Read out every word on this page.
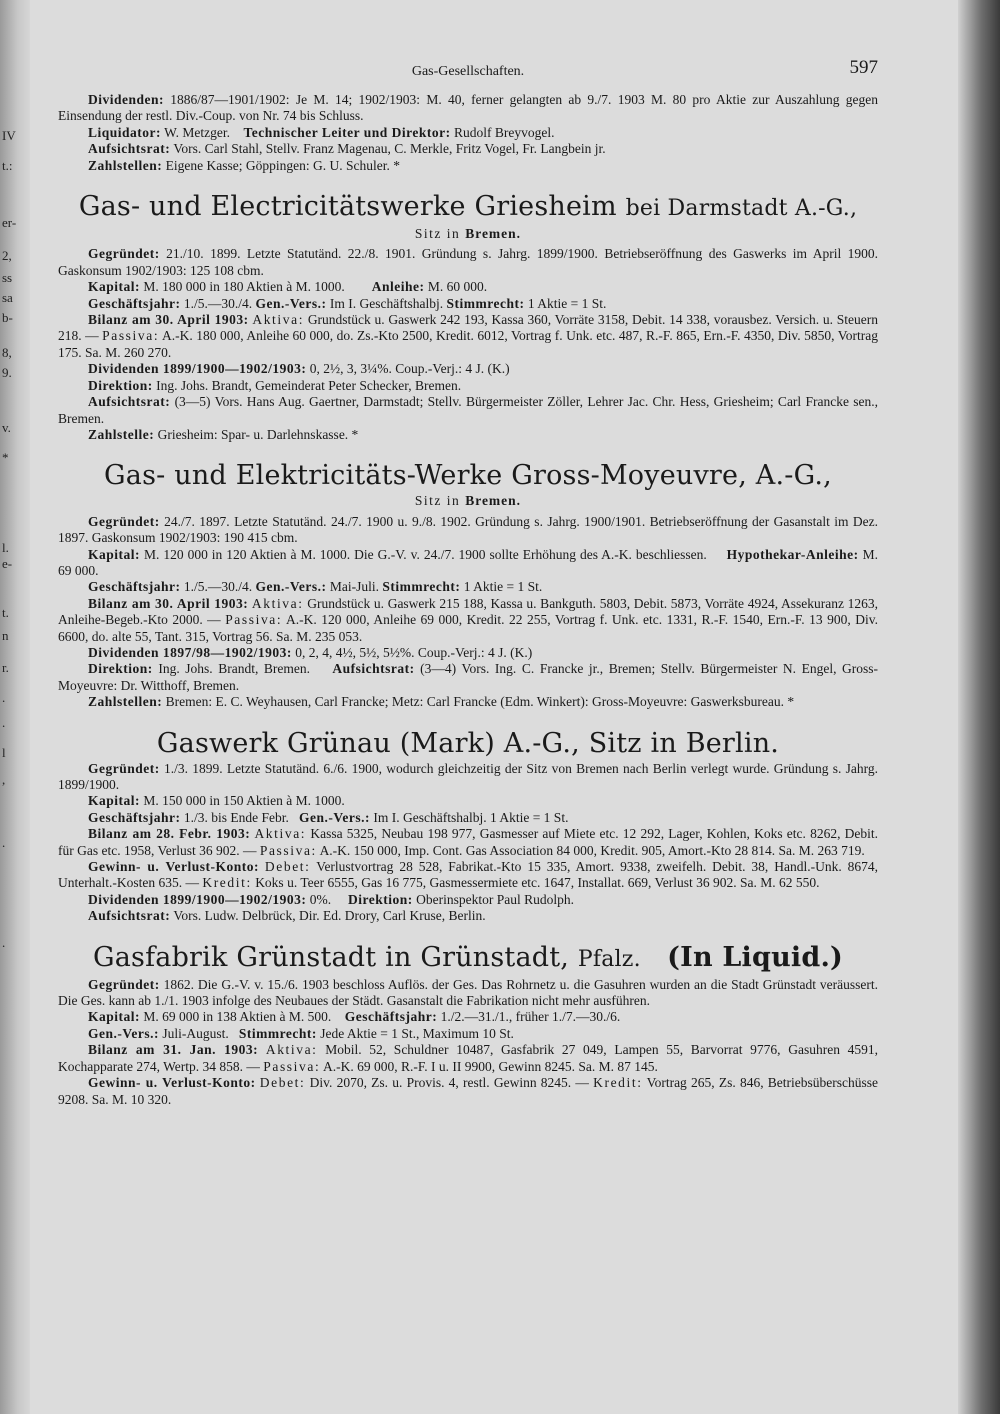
IV
t.:
er-
2,
ss
sa
b-
8,
9.
v.
*
l.
e-
t.
n
r.
.
.
l
,
.
.
Gas-Gesellschaften.	597

Dividenden: 1886/87—1901/1902: Je M. 14; 1902/1903: M. 40, ferner gelangten ab 9./7. 1903 M. 80 pro Aktie zur Auszahlung gegen Einsendung der restl. Div.-Coup. von Nr. 74 bis Schluss.

Liquidator: W. Metzger. Technischer Leiter und Direktor: Rudolf Breyvogel.

Aufsichtsrat: Vors. Carl Stahl, Stellv. Franz Magenau, C. Merkle, Fritz Vogel, Fr. Langbein jr.

Zahlstellen: Eigene Kasse; Göppingen: G. U. Schuler. *

Gas- und Electricitätswerke Griesheim bei Darmstadt A.-G.,
Sitz in Bremen.

Gegründet: 21./10. 1899. Letzte Statutänd. 22./8. 1901. Gründung s. Jahrg. 1899/1900. Betriebseröffnung des Gaswerks im April 1900. Gaskonsum 1902/1903: 125 108 cbm.

Kapital: M. 180 000 in 180 Aktien à M. 1000. Anleihe: M. 60 000.

Geschäftsjahr: 1./5.—30./4. Gen.-Vers.: Im I. Geschäftshalbj. Stimmrecht: 1 Aktie = 1 St.

Bilanz am 30. April 1903: Aktiva: Grundstück u. Gaswerk 242 193, Kassa 360, Vorräte 3158, Debit. 14 338, vorausbez. Versich. u. Steuern 218. — Passiva: A.-K. 180 000, Anleihe 60 000, do. Zs.-Kto 2500, Kredit. 6012, Vortrag f. Unk. etc. 487, R.-F. 865, Ern.-F. 4350, Div. 5850, Vortrag 175. Sa. M. 260 270.

Dividenden 1899/1900—1902/1903: 0, 2½, 3, 3¼%. Coup.-Verj.: 4 J. (K.)

Direktion: Ing. Johs. Brandt, Gemeinderat Peter Schecker, Bremen.

Aufsichtsrat: (3—5) Vors. Hans Aug. Gaertner, Darmstadt; Stellv. Bürgermeister Zöller, Lehrer Jac. Chr. Hess, Griesheim; Carl Francke sen., Bremen.

Zahlstelle: Griesheim: Spar- u. Darlehnskasse. *

Gas- und Elektricitäts-Werke Gross-Moyeuvre, A.-G.,
Sitz in Bremen.

Gegründet: 24./7. 1897. Letzte Statutänd. 24./7. 1900 u. 9./8. 1902. Gründung s. Jahrg. 1900/1901. Betriebseröffnung der Gasanstalt im Dez. 1897. Gaskonsum 1902/1903: 190 415 cbm.

Kapital: M. 120 000 in 120 Aktien à M. 1000. Die G.-V. v. 24./7. 1900 sollte Erhöhung des A.-K. beschliessen. Hypothekar-Anleihe: M. 69 000.

Geschäftsjahr: 1./5.—30./4. Gen.-Vers.: Mai-Juli. Stimmrecht: 1 Aktie = 1 St.

Bilanz am 30. April 1903: Aktiva: Grundstück u. Gaswerk 215 188, Kassa u. Bankguth. 5803, Debit. 5873, Vorräte 4924, Assekuranz 1263, Anleihe-Begeb.-Kto 2000. — Passiva: A.-K. 120 000, Anleihe 69 000, Kredit. 22 255, Vortrag f. Unk. etc. 1331, R.-F. 1540, Ern.-F. 13 900, Div. 6600, do. alte 55, Tant. 315, Vortrag 56. Sa. M. 235 053.

Dividenden 1897/98—1902/1903: 0, 2, 4, 4½, 5½, 5½%. Coup.-Verj.: 4 J. (K.)

Direktion: Ing. Johs. Brandt, Bremen. Aufsichtsrat: (3—4) Vors. Ing. C. Francke jr., Bremen; Stellv. Bürgermeister N. Engel, Gross-Moyeuvre: Dr. Witthoff, Bremen.

Zahlstellen: Bremen: E. C. Weyhausen, Carl Francke; Metz: Carl Francke (Edm. Winkert): Gross-Moyeuvre: Gaswerksbureau. *

Gaswerk Grünau (Mark) A.-G., Sitz in Berlin.

Gegründet: 1./3. 1899. Letzte Statutänd. 6./6. 1900, wodurch gleichzeitig der Sitz von Bremen nach Berlin verlegt wurde. Gründung s. Jahrg. 1899/1900.

Kapital: M. 150 000 in 150 Aktien à M. 1000.

Geschäftsjahr: 1./3. bis Ende Febr. Gen.-Vers.: Im I. Geschäftshalbj. 1 Aktie = 1 St.

Bilanz am 28. Febr. 1903: Aktiva: Kassa 5325, Neubau 198 977, Gasmesser auf Miete etc. 12 292, Lager, Kohlen, Koks etc. 8262, Debit. für Gas etc. 1958, Verlust 36 902. — Passiva: A.-K. 150 000, Imp. Cont. Gas Association 84 000, Kredit. 905, Amort.-Kto 28 814. Sa. M. 263 719.

Gewinn- u. Verlust-Konto: Debet: Verlustvortrag 28 528, Fabrikat.-Kto 15 335, Amort. 9338, zweifelh. Debit. 38, Handl.-Unk. 8674, Unterhalt.-Kosten 635. — Kredit: Koks u. Teer 6555, Gas 16 775, Gasmessermiete etc. 1647, Installat. 669, Verlust 36 902. Sa. M. 62 550.

Dividenden 1899/1900—1902/1903: 0%. Direktion: Oberinspektor Paul Rudolph.

Aufsichtsrat: Vors. Ludw. Delbrück, Dir. Ed. Drory, Carl Kruse, Berlin.

Gasfabrik Grünstadt in Grünstadt, Pfalz. (In Liquid.)

Gegründet: 1862. Die G.-V. v. 15./6. 1903 beschloss Auflös. der Ges. Das Rohrnetz u. die Gasuhren wurden an die Stadt Grünstadt veräussert. Die Ges. kann ab 1./1. 1903 infolge des Neubaues der Städt. Gasanstalt die Fabrikation nicht mehr ausführen.

Kapital: M. 69 000 in 138 Aktien à M. 500. Geschäftsjahr: 1./2.—31./1., früher 1./7.—30./6.

Gen.-Vers.: Juli-August. Stimmrecht: Jede Aktie = 1 St., Maximum 10 St.

Bilanz am 31. Jan. 1903: Aktiva: Mobil. 52, Schuldner 10487, Gasfabrik 27 049, Lampen 55, Barvorrat 9776, Gasuhren 4591, Kochapparate 274, Wertp. 34 858. — Passiva: A.-K. 69 000, R.-F. I u. II 9900, Gewinn 8245. Sa. M. 87 145.

Gewinn- u. Verlust-Konto: Debet: Div. 2070, Zs. u. Provis. 4, restl. Gewinn 8245. — Kredit: Vortrag 265, Zs. 846, Betriebsüberschüsse 9208. Sa. M. 10 320.
